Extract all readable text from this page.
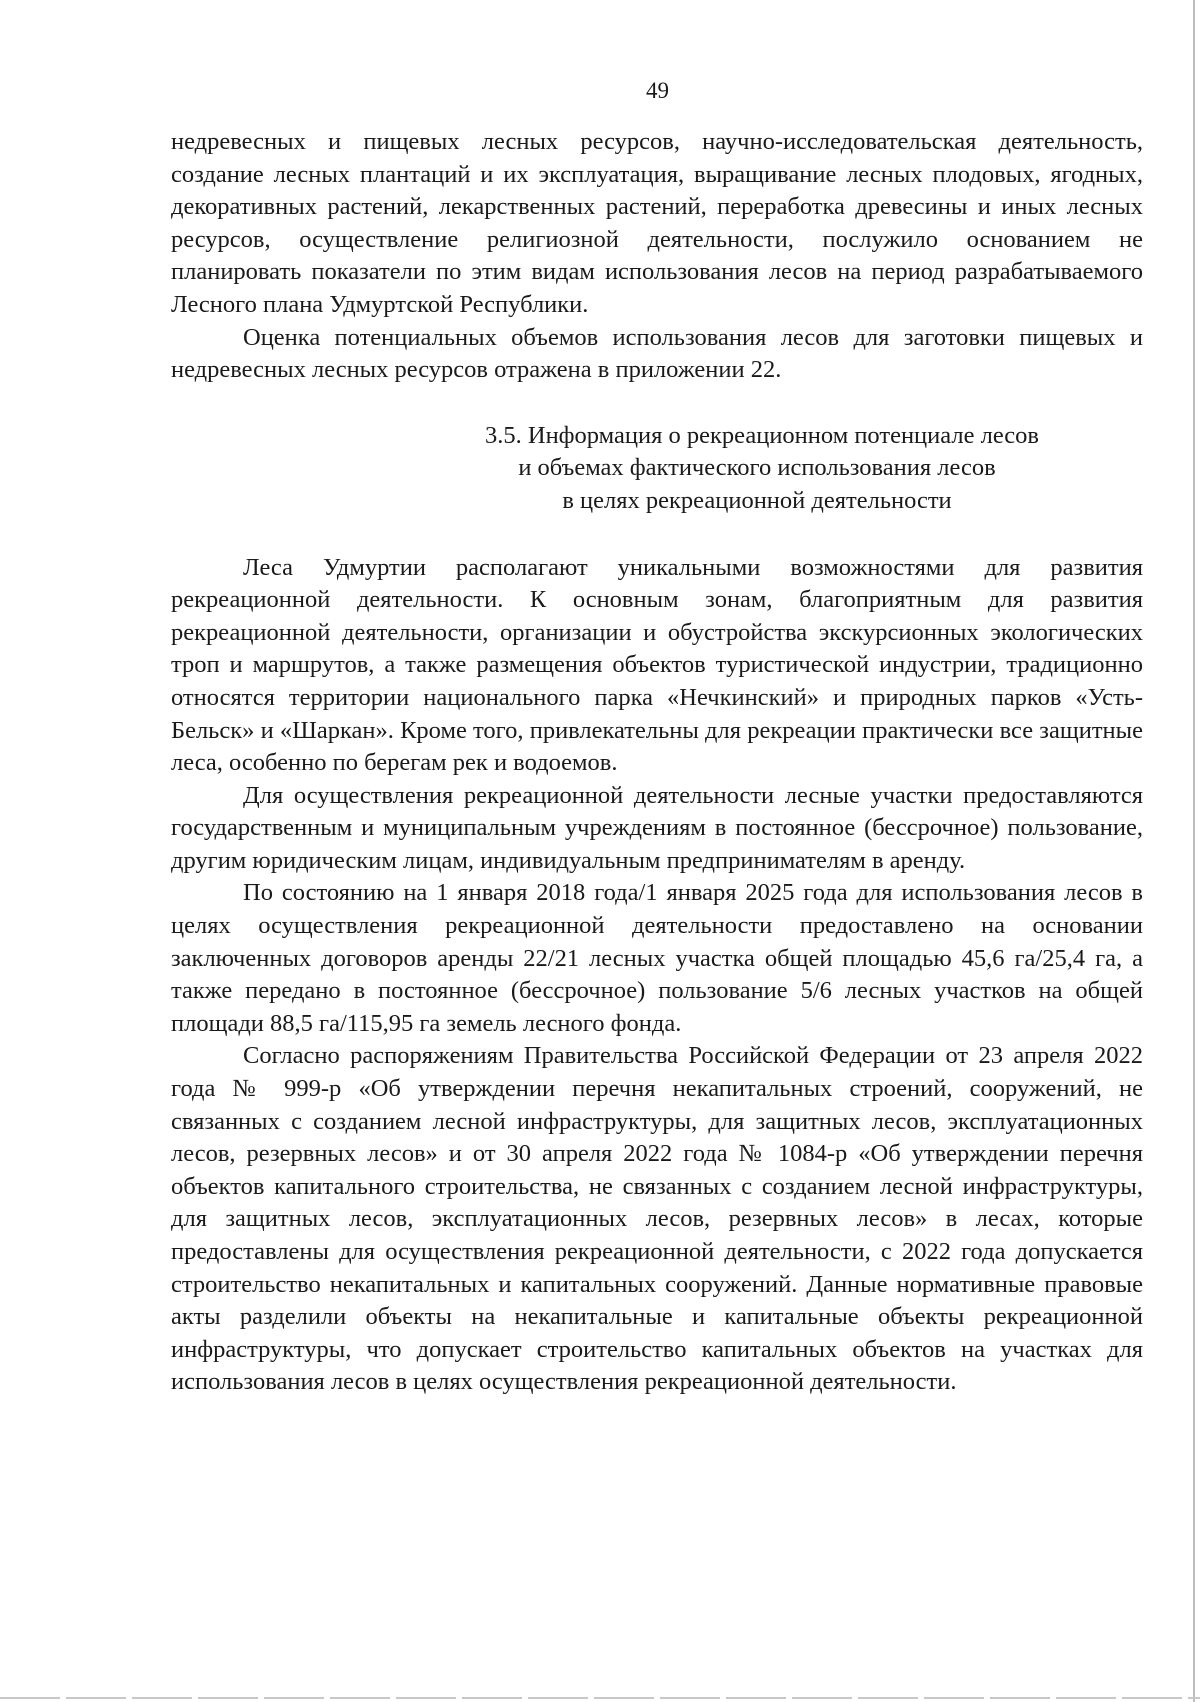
49

недревесных и пищевых лесных ресурсов, научно-исследовательская деятельность, создание лесных плантаций и их эксплуатация, выращивание лесных плодовых, ягодных, декоративных растений, лекарственных растений, переработка древесины и иных лесных ресурсов, осуществление религиозной деятельности, послужило основанием не планировать показатели по этим видам использования лесов на период разрабатываемого Лесного плана Удмуртской Республики.

Оценка потенциальных объемов использования лесов для заготовки пищевых и недревесных лесных ресурсов отражена в приложении 22.

3.5. Информация о рекреационном потенциале лесов
и объемах фактического использования лесов
в целях рекреационной деятельности

Леса Удмуртии располагают уникальными возможностями для развития рекреационной деятельности. К основным зонам, благоприятным для развития рекреационной деятельности, организации и обустройства экскурсионных экологических троп и маршрутов, а также размещения объектов туристической индустрии, традиционно относятся территории национального парка «Нечкинский» и природных парков «Усть-Бельск» и «Шаркан». Кроме того, привлекательны для рекреации практически все защитные леса, особенно по берегам рек и водоемов.

Для осуществления рекреационной деятельности лесные участки предоставляются государственным и муниципальным учреждениям в постоянное (бессрочное) пользование, другим юридическим лицам, индивидуальным предпринимателям в аренду.

По состоянию на 1 января 2018 года/1 января 2025 года для использования лесов в целях осуществления рекреационной деятельности предоставлено на основании заключенных договоров аренды 22/21 лесных участка общей площадью 45,6 га/25,4 га, а также передано в постоянное (бессрочное) пользование 5/6 лесных участков на общей площади 88,5 га/115,95 га земель лесного фонда.

Согласно распоряжениям Правительства Российской Федерации от 23 апреля 2022 года № 999-р «Об утверждении перечня некапитальных строений, сооружений, не связанных с созданием лесной инфраструктуры, для защитных лесов, эксплуатационных лесов, резервных лесов» и от 30 апреля 2022 года № 1084-р «Об утверждении перечня объектов капитального строительства, не связанных с созданием лесной инфраструктуры, для защитных лесов, эксплуатационных лесов, резервных лесов» в лесах, которые предоставлены для осуществления рекреационной деятельности, с 2022 года допускается строительство некапитальных и капитальных сооружений. Данные нормативные правовые акты разделили объекты на некапитальные и капитальные объекты рекреационной инфраструктуры, что допускает строительство капитальных объектов на участках для использования лесов в целях осуществления рекреационной деятельности.
